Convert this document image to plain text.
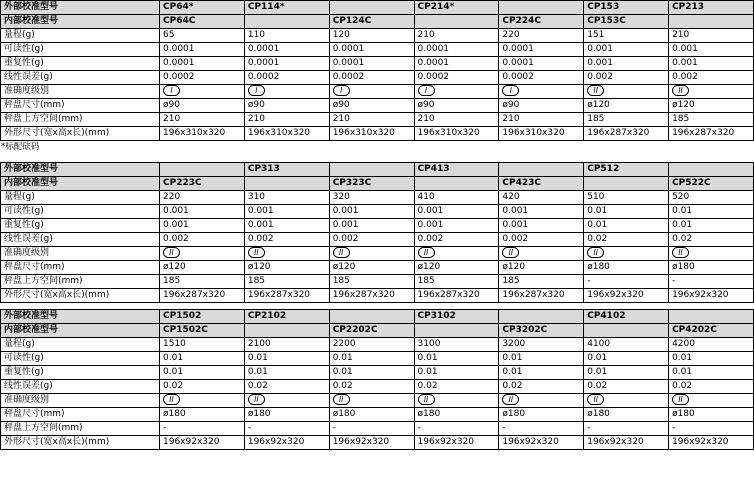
外部校准型号	CP64*	CP114*		CP214*		CP153	CP213
内部校准型号	CP64C		CP124C		CP224C	CP153C	
量程(g)	65	110	120	210	220	151	210
可读性(g)	0.0001	0.0001	0.0001	0.0001	0.0001	0.001	0.001
重复性(g)	0.0001	0.0001	0.0001	0.0001	0.0001	0.001	0.001
线性误差(g)	0.0002	0.0002	0.0002	0.0002	0.0002	0.002	0.002
准确度级别	I	I	I	I	I	II	II
秤盘尺寸(mm)	ø90	ø90	ø90	ø90	ø90	ø120	ø120
秤盘上方空间(mm)	210	210	210	210	210	185	185
外形尺寸(宽x高x长)(mm)	196x310x320	196x310x320	196x310x320	196x310x320	196x310x320	196x287x320	196x287x320
*标配砝码

外部校准型号		CP313		CP413		CP512	
内部校准型号	CP223C		CP323C		CP423C		CP522C
量程(g)	220	310	320	410	420	510	520
可读性(g)	0.001	0.001	0.001	0.001	0.001	0.01	0.01
重复性(g)	0.001	0.001	0.001	0.001	0.001	0.01	0.01
线性误差(g)	0.002	0.002	0.002	0.002	0.002	0.02	0.02
准确度级别	II	II	II	II	II	II	II
秤盘尺寸(mm)	ø120	ø120	ø120	ø120	ø120	ø180	ø180
秤盘上方空间(mm)	185	185	185	185	185	-	-
外形尺寸(宽x高x长)(mm)	196x287x320	196x287x320	196x287x320	196x287x320	196x287x320	196x92x320	196x92x320

外部校准型号	CP1502	CP2102		CP3102		CP4102	
内部校准型号	CP1502C		CP2202C		CP3202C		CP4202C
量程(g)	1510	2100	2200	3100	3200	4100	4200
可读性(g)	0.01	0.01	0.01	0.01	0.01	0.01	0.01
重复性(g)	0.01	0.01	0.01	0.01	0.01	0.01	0.01
线性误差(g)	0.02	0.02	0.02	0.02	0.02	0.02	0.02
准确度级别	II	II	II	II	II	II	II
秤盘尺寸(mm)	ø180	ø180	ø180	ø180	ø180	ø180	ø180
秤盘上方空间(mm)	-	-	-	-	-	-	-
外形尺寸(宽x高x长)(mm)	196x92x320	196x92x320	196x92x320	196x92x320	196x92x320	196x92x320	196x92x320
